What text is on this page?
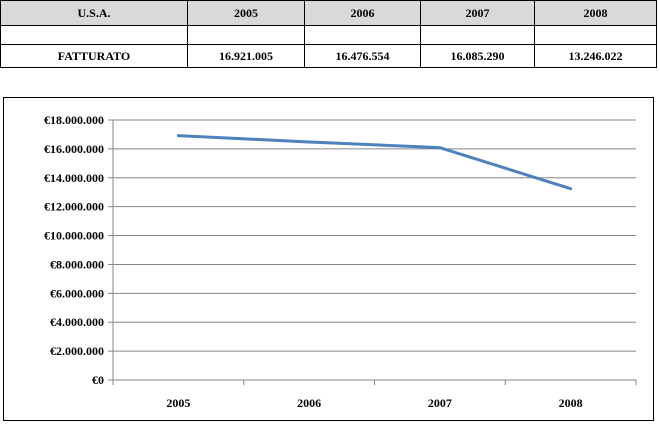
U.S.A.	2005	2006	2007	2008

FATTURATO	16.921.005	16.476.554	16.085.290	13.246.022
€0
€2.000.000
€4.000.000
€6.000.000
€8.000.000
€10.000.000
€12.000.000
€14.000.000
€16.000.000
€18.000.000
2005	2006	2007	2008
